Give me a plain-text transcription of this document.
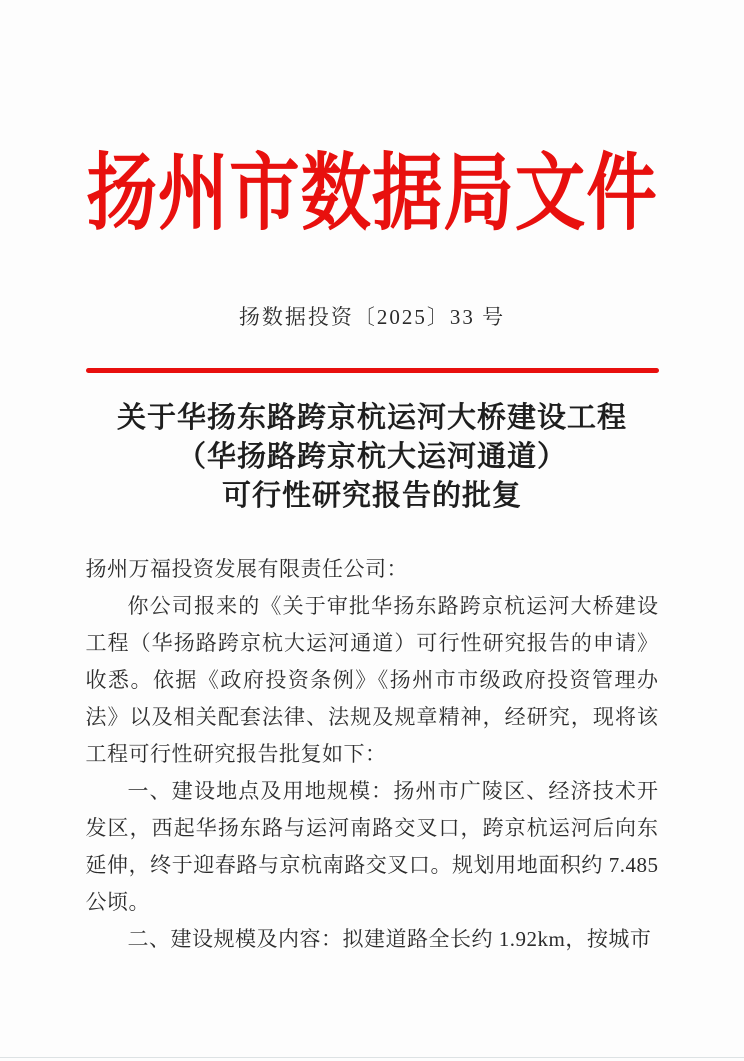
扬州市数据局文件
扬数据投资〔2025〕33 号
关于华扬东路跨京杭运河大桥建设工程
（华扬路跨京杭大运河通道）
可行性研究报告的批复

扬州万福投资发展有限责任公司：

你公司报来的《关于审批华扬东路跨京杭运河大桥建设工程（华扬路跨京杭大运河通道）可行性研究报告的申请》收悉。依据《政府投资条例》《扬州市市级政府投资管理办法》以及相关配套法律、法规及规章精神，经研究，现将该工程可行性研究报告批复如下：

一、建设地点及用地规模：扬州市广陵区、经济技术开发区，西起华扬东路与运河南路交叉口，跨京杭运河后向东延伸，终于迎春路与京杭南路交叉口。规划用地面积约 7.485 公顷。

二、建设规模及内容：拟建道路全长约 1.92km，按城市
